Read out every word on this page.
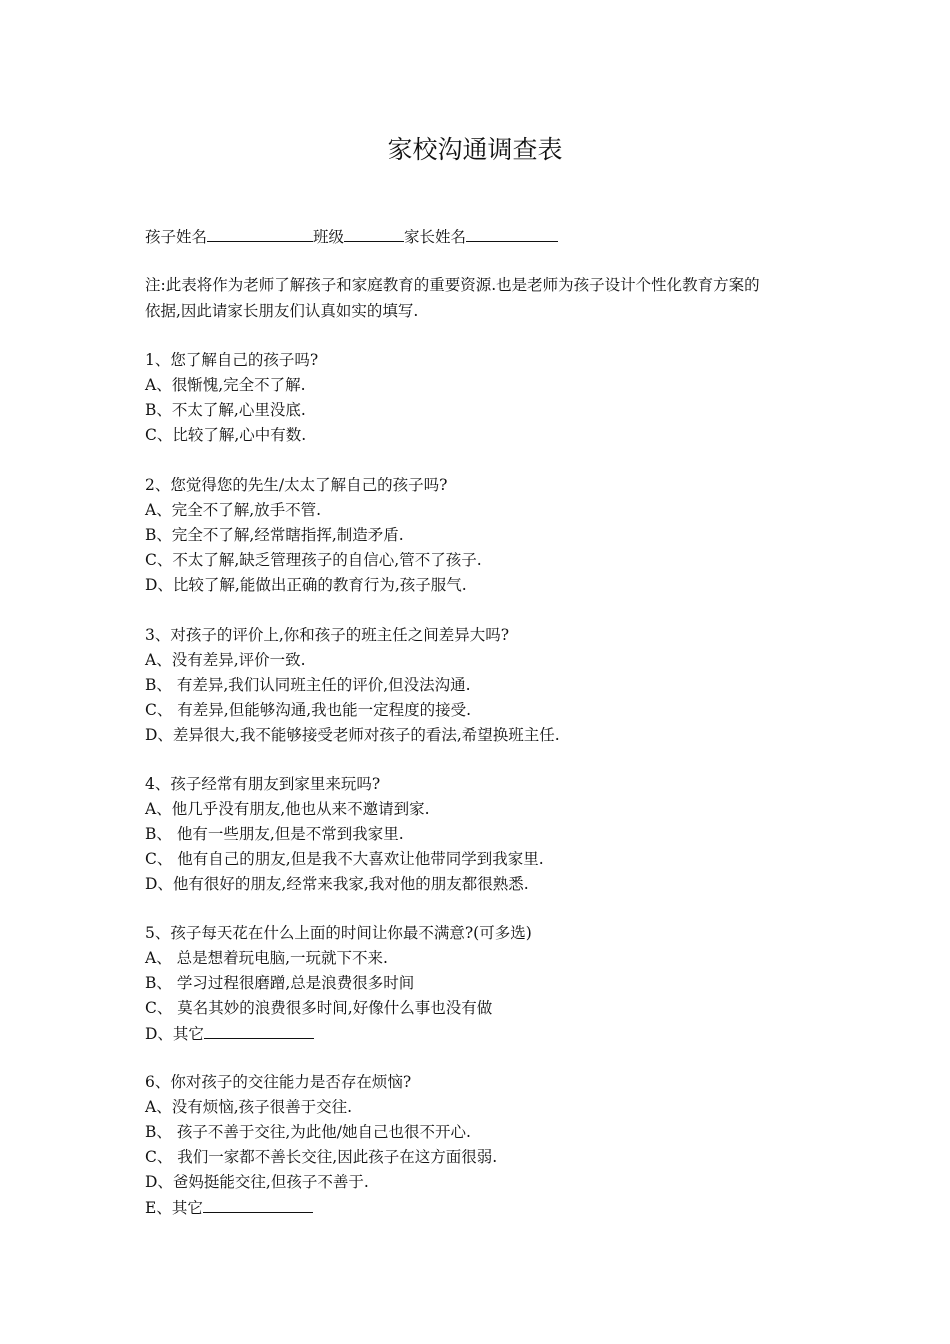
家校沟通调查表
孩子姓名	班级	家长姓名
注:此表将作为老师了解孩子和家庭教育的重要资源.也是老师为孩子设计个性化教育方案的
依据,因此请家长朋友们认真如实的填写.
1、您了解自己的孩子吗?
A、很惭愧,完全不了解.
B、不太了解,心里没底.
C、比较了解,心中有数.
2、您觉得您的先生/太太了解自己的孩子吗?
A、完全不了解,放手不管.
B、完全不了解,经常瞎指挥,制造矛盾.
C、不太了解,缺乏管理孩子的自信心,管不了孩子.
D、比较了解,能做出正确的教育行为,孩子服气.
3、对孩子的评价上,你和孩子的班主任之间差异大吗?
A、没有差异,评价一致.
B、 有差异,我们认同班主任的评价,但没法沟通.
C、 有差异,但能够沟通,我也能一定程度的接受.
D、差异很大,我不能够接受老师对孩子的看法,希望换班主任.
4、孩子经常有朋友到家里来玩吗?
A、他几乎没有朋友,他也从来不邀请到家.
B、 他有一些朋友,但是不常到我家里.
C、 他有自己的朋友,但是我不大喜欢让他带同学到我家里.
D、他有很好的朋友,经常来我家,我对他的朋友都很熟悉.
5、孩子每天花在什么上面的时间让你最不满意?(可多选)
A、 总是想着玩电脑,一玩就下不来.
B、 学习过程很磨蹭,总是浪费很多时间
C、 莫名其妙的浪费很多时间,好像什么事也没有做
D、其它
6、你对孩子的交往能力是否存在烦恼?
A、没有烦恼,孩子很善于交往.
B、 孩子不善于交往,为此他/她自己也很不开心.
C、 我们一家都不善长交往,因此孩子在这方面很弱.
D、爸妈挺能交往,但孩子不善于.
E、其它
